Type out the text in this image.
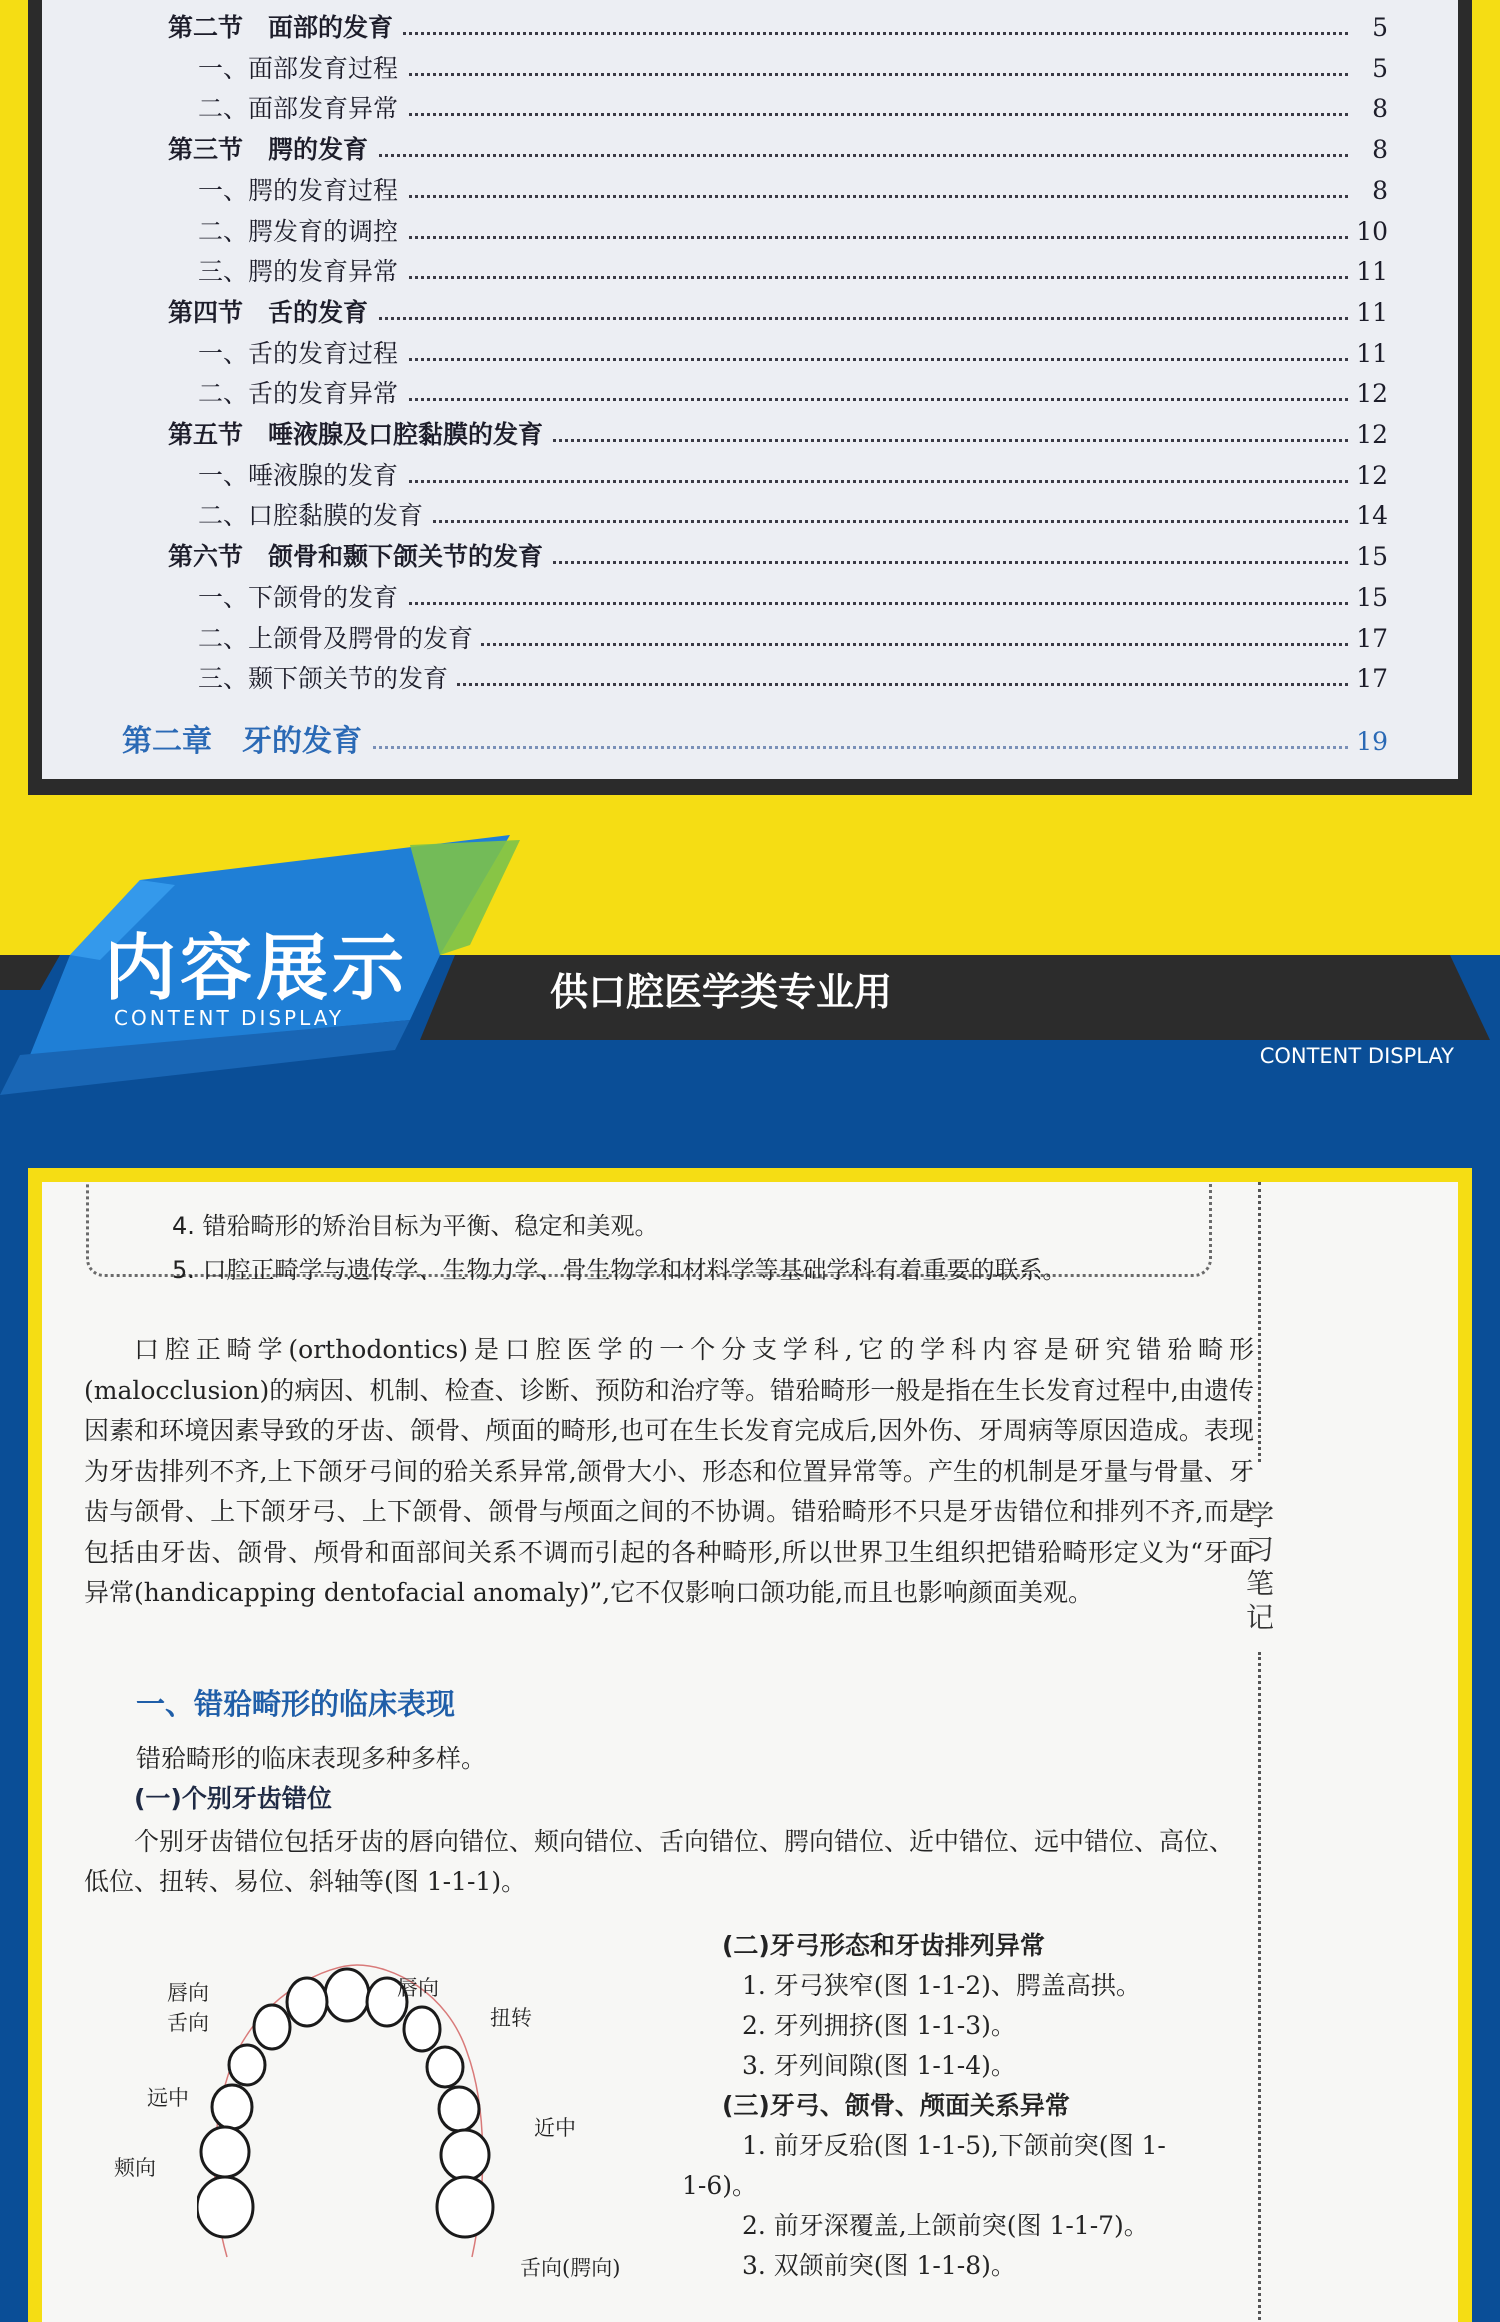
第二节　面部的发育	5
一、面部发育过程	5
二、面部发育异常	8
第三节　腭的发育	8
一、腭的发育过程	8
二、腭发育的调控	10
三、腭的发育异常	11
第四节　舌的发育	11
一、舌的发育过程	11
二、舌的发育异常	12
第五节　唾液腺及口腔黏膜的发育	12
一、唾液腺的发育	12
二、口腔黏膜的发育	14
第六节　颌骨和颞下颌关节的发育	15
一、下颌骨的发育	15
二、上颌骨及腭骨的发育	17
三、颞下颌关节的发育	17
第二章　牙的发育	19
内容展示
CONTENT DISPLAY
供口腔医学类专业用
CONTENT DISPLAY
4. 错𬌗畸形的矫治目标为平衡、稳定和美观。
5. 口腔正畸学与遗传学、生物力学、骨生物学和材料学等基础学科有着重要的联系。
学
习
笔
记
口腔正畸学(orthodontics)是口腔医学的一个分支学科,它的学科内容是研究错𬌗畸形(malocclusion)的病因、机制、检查、诊断、预防和治疗等。错𬌗畸形一般是指在生长发育过程中,由遗传因素和环境因素导致的牙齿、颌骨、颅面的畸形,也可在生长发育完成后,因外伤、牙周病等原因造成。表现为牙齿排列不齐,上下颌牙弓间的𬌗关系异常,颌骨大小、形态和位置异常等。产生的机制是牙量与骨量、牙齿与颌骨、上下颌牙弓、上下颌骨、颌骨与颅面之间的不协调。错𬌗畸形不只是牙齿错位和排列不齐,而是包括由牙齿、颌骨、颅骨和面部间关系不调而引起的各种畸形,所以世界卫生组织把错𬌗畸形定义为“牙面异常(handicapping dentofacial anomaly)”,它不仅影响口颌功能,而且也影响颜面美观。
一、错𬌗畸形的临床表现
错𬌗畸形的临床表现多种多样。
(一)个别牙齿错位
个别牙齿错位包括牙齿的唇向错位、颊向错位、舌向错位、腭向错位、近中错位、远中错位、高位、低位、扭转、易位、斜轴等(图 1-1-1)。
唇向
舌向
唇向
扭转
远中
近中
颊向
舌向(腭向)
(二)牙弓形态和牙齿排列异常
1. 牙弓狭窄(图 1-1-2)、腭盖高拱。
2. 牙列拥挤(图 1-1-3)。
3. 牙列间隙(图 1-1-4)。
(三)牙弓、颌骨、颅面关系异常
1. 前牙反𬌗(图 1-1-5),下颌前突(图 1-
1-6)。
2. 前牙深覆盖,上颌前突(图 1-1-7)。
3. 双颌前突(图 1-1-8)。
